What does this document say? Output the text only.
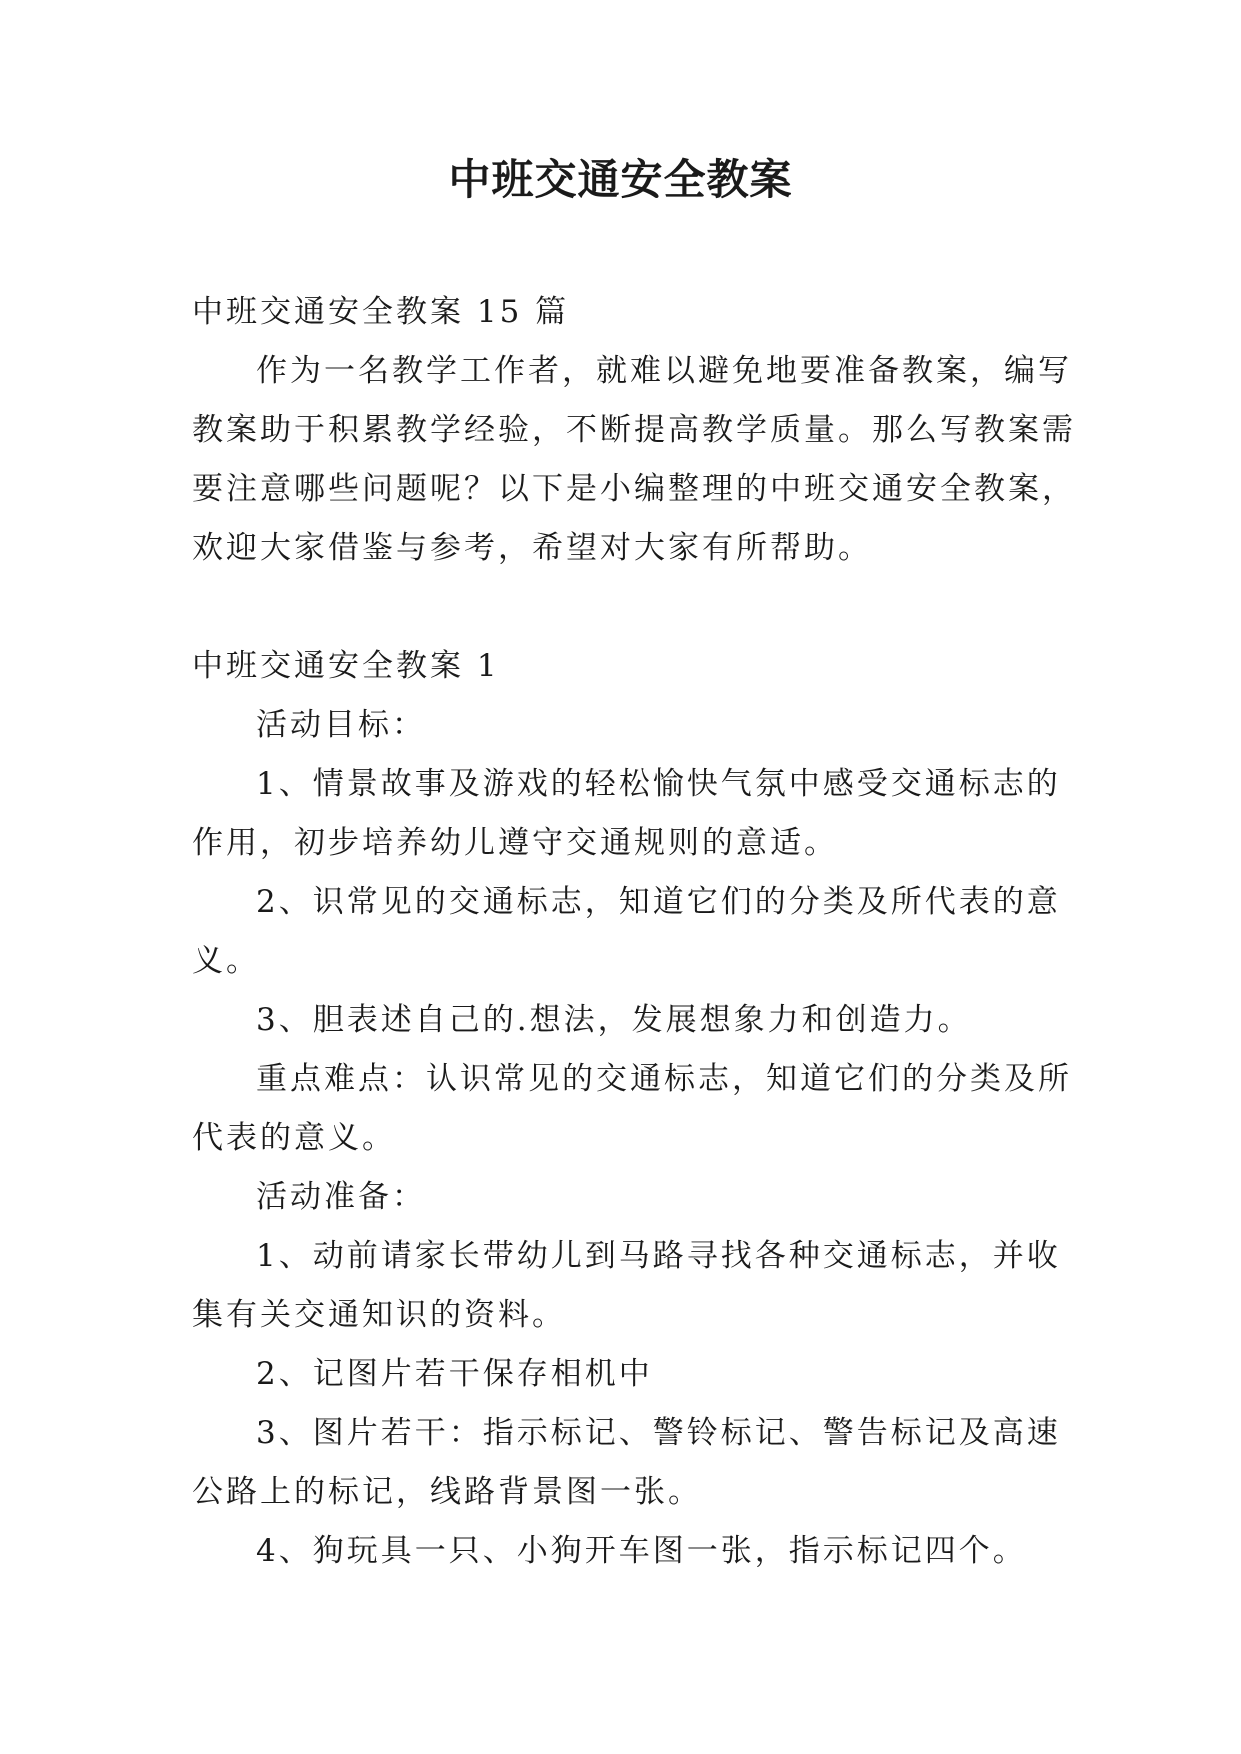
中班交通安全教案

中班交通安全教案 15 篇

作为一名教学工作者，就难以避免地要准备教案，编写

教案助于积累教学经验，不断提高教学质量。那么写教案需

要注意哪些问题呢？以下是小编整理的中班交通安全教案，

欢迎大家借鉴与参考，希望对大家有所帮助。

中班交通安全教案 1

活动目标：

1、情景故事及游戏的轻松愉快气氛中感受交通标志的

作用，初步培养幼儿遵守交通规则的意适。

2、识常见的交通标志，知道它们的分类及所代表的意

义。

3、胆表述自己的.想法，发展想象力和创造力。

重点难点：认识常见的交通标志，知道它们的分类及所

代表的意义。

活动准备：

1、动前请家长带幼儿到马路寻找各种交通标志，并收

集有关交通知识的资料。

2、记图片若干保存相机中

3、图片若干：指示标记、警铃标记、警告标记及高速

公路上的标记，线路背景图一张。

4、狗玩具一只、小狗开车图一张，指示标记四个。
